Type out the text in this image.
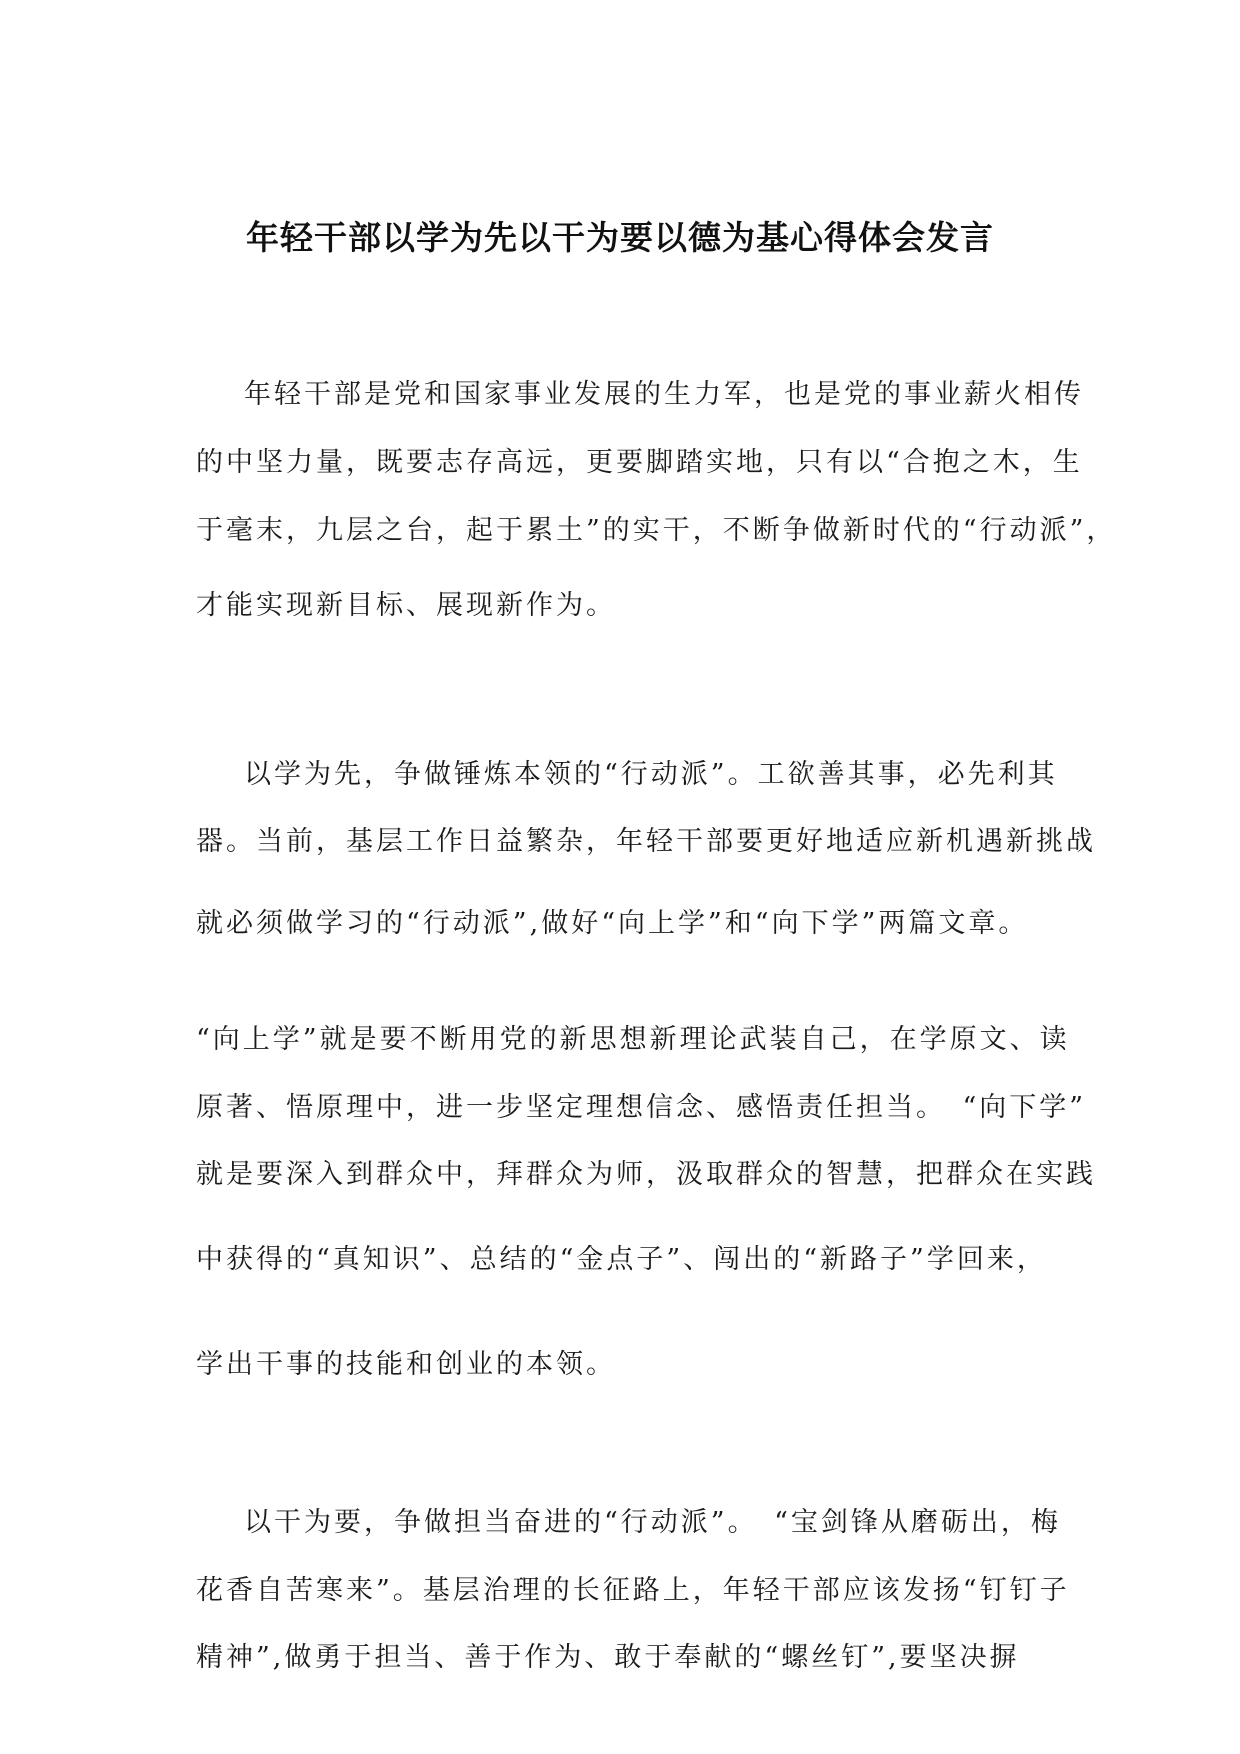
年轻干部以学为先以干为要以德为基心得体会发言

年轻干部是党和国家事业发展的生力军，也是党的事业薪火相传

的中坚力量，既要志存高远，更要脚踏实地，只有以“合抱之木，生

于毫末，九层之台，起于累土”的实干，不断争做新时代的“行动派”，

才能实现新目标、展现新作为。

以学为先，争做锤炼本领的“行动派”。工欲善其事，必先利其

器。当前，基层工作日益繁杂，年轻干部要更好地适应新机遇新挑战

就必须做学习的“行动派”,做好“向上学”和“向下学”两篇文章。

“向上学”就是要不断用党的新思想新理论武装自己，在学原文、读

原著、悟原理中，进一步坚定理想信念、感悟责任担当。　“向下学”

就是要深入到群众中，拜群众为师，汲取群众的智慧，把群众在实践

中获得的“真知识”、总结的“金点子”、闯出的“新路子”学回来，

学出干事的技能和创业的本领。

以干为要，争做担当奋进的“行动派”。　“宝剑锋从磨砺出，梅

花香自苦寒来”。基层治理的长征路上，年轻干部应该发扬“钉钉子

精神”,做勇于担当、善于作为、敢于奉献的“螺丝钉”,要坚决摒
